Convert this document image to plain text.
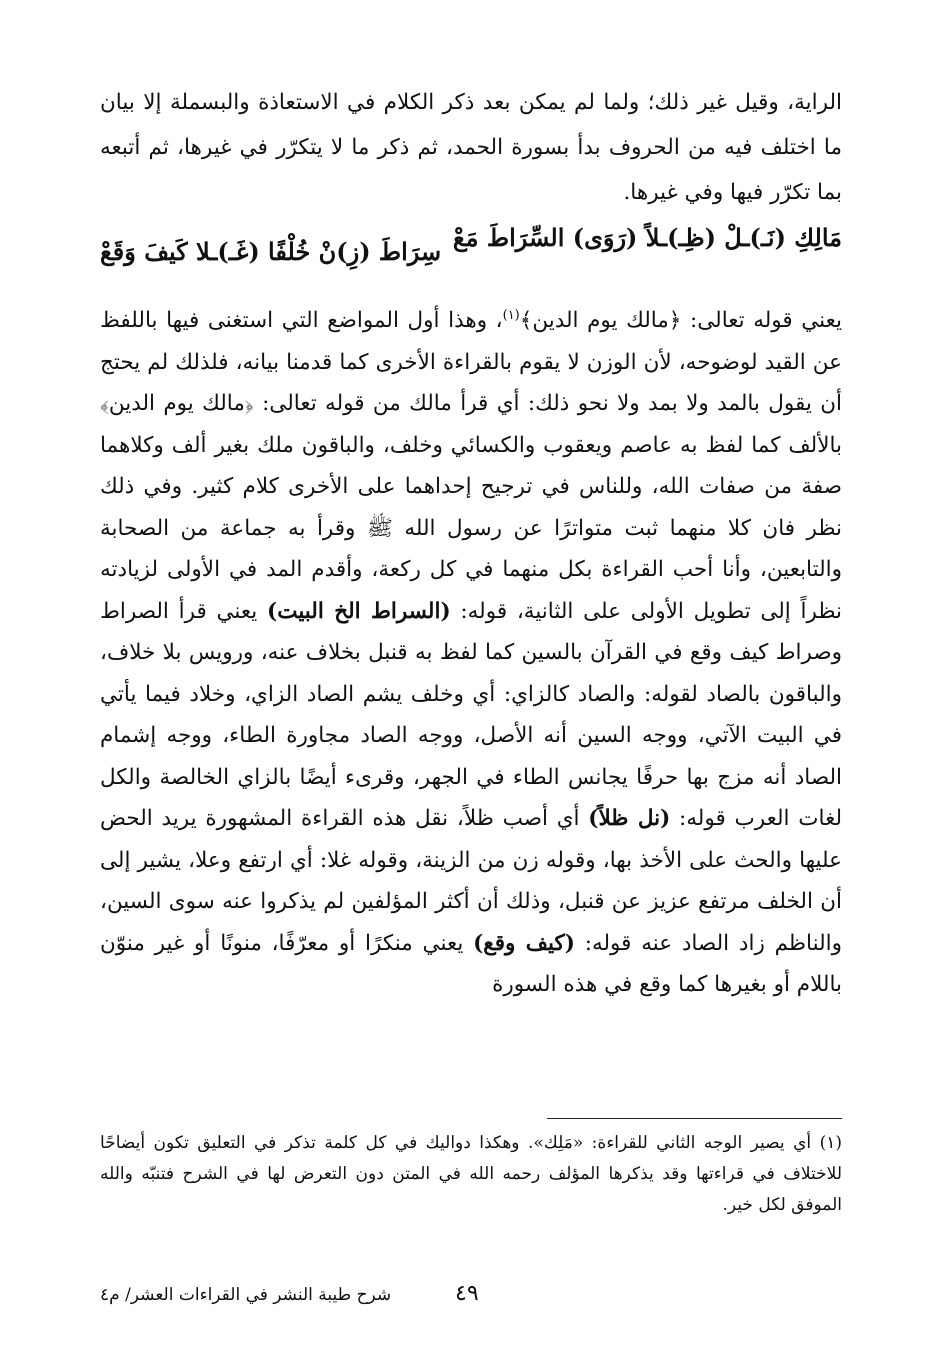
الراية، وقيل غير ذلك؛ ولما لم يمكن بعد ذكر الكلام في الاستعاذة والبسملة إلا بيان ما اختلف فيه من الحروف بدأ بسورة الحمد، ثم ذكر ما لا يتكرّر في غيرها، ثم أتبعه بما تكرّر فيها وفي غيرها.

مَالِكِ (نَـ)ـلْ (ظِـ)ـلاً (رَوَى) السِّرَاطَ مَعْ
سِرَاطَ (زِ)نْ خُلْفًا (غَـ)ـلا كَيفَ وَقَعْ

يعني قوله تعالى: ﴿مالك يوم الدين﴾$^{(١)}$، وهذا أول المواضع التي استغنى فيها باللفظ عن القيد لوضوحه، لأن الوزن لا يقوم بالقراءة الأخرى كما قدمنا بيانه، فلذلك لم يحتج أن يقول بالمد ولا بمد ولا نحو ذلك: أي قرأ مالك من قوله تعالى: ﴿مالك يوم الدين﴾ بالألف كما لفظ به عاصم ويعقوب والكسائي وخلف، والباقون ملك بغير ألف وكلاهما صفة من صفات الله، وللناس في ترجيح إحداهما على الأخرى كلام كثير. وفي ذلك نظر فان كلا منهما ثبت متواترًا عن رسول الله ﷺ وقرأ به جماعة من الصحابة والتابعين، وأنا أحب القراءة بكل منهما في كل ركعة، وأقدم المد في الأولى لزيادته نظراً إلى تطويل الأولى على الثانية، قوله: (السراط الخ البيت) يعني قرأ الصراط وصراط كيف وقع في القرآن بالسين كما لفظ به قنبل بخلاف عنه، ورويس بلا خلاف، والباقون بالصاد لقوله: والصاد كالزاي: أي وخلف يشم الصاد الزاي، وخلاد فيما يأتي في البيت الآتي، ووجه السين أنه الأصل، ووجه الصاد مجاورة الطاء، ووجه إشمام الصاد أنه مزج بها حرفًا يجانس الطاء في الجهر، وقرىء أيضًا بالزاي الخالصة والكل لغات العرب قوله: (نل ظلاً) أي أصب ظلاً، نقل هذه القراءة المشهورة يريد الحض عليها والحث على الأخذ بها، وقوله زن من الزينة، وقوله غلا: أي ارتفع وعلا، يشير إلى أن الخلف مرتفع عزيز عن قنبل، وذلك أن أكثر المؤلفين لم يذكروا عنه سوى السين، والناظم زاد الصاد عنه قوله: (كيف وقع) يعني منكرًا أو معرّفًا، منونًا أو غير منوّن باللام أو بغيرها كما وقع في هذه السورة

(١) أي يصير الوجه الثاني للقراءة: «مَلِك». وهكذا دواليك في كل كلمة تذكر في التعليق تكون أيضاحًا للاختلاف في قراءتها وقد يذكرها المؤلف رحمه الله في المتن دون التعرض لها في الشرح فتنبّه والله الموفق لكل خير.

٤٩
شرح طيبة النشر في القراءات العشر/ م٤
